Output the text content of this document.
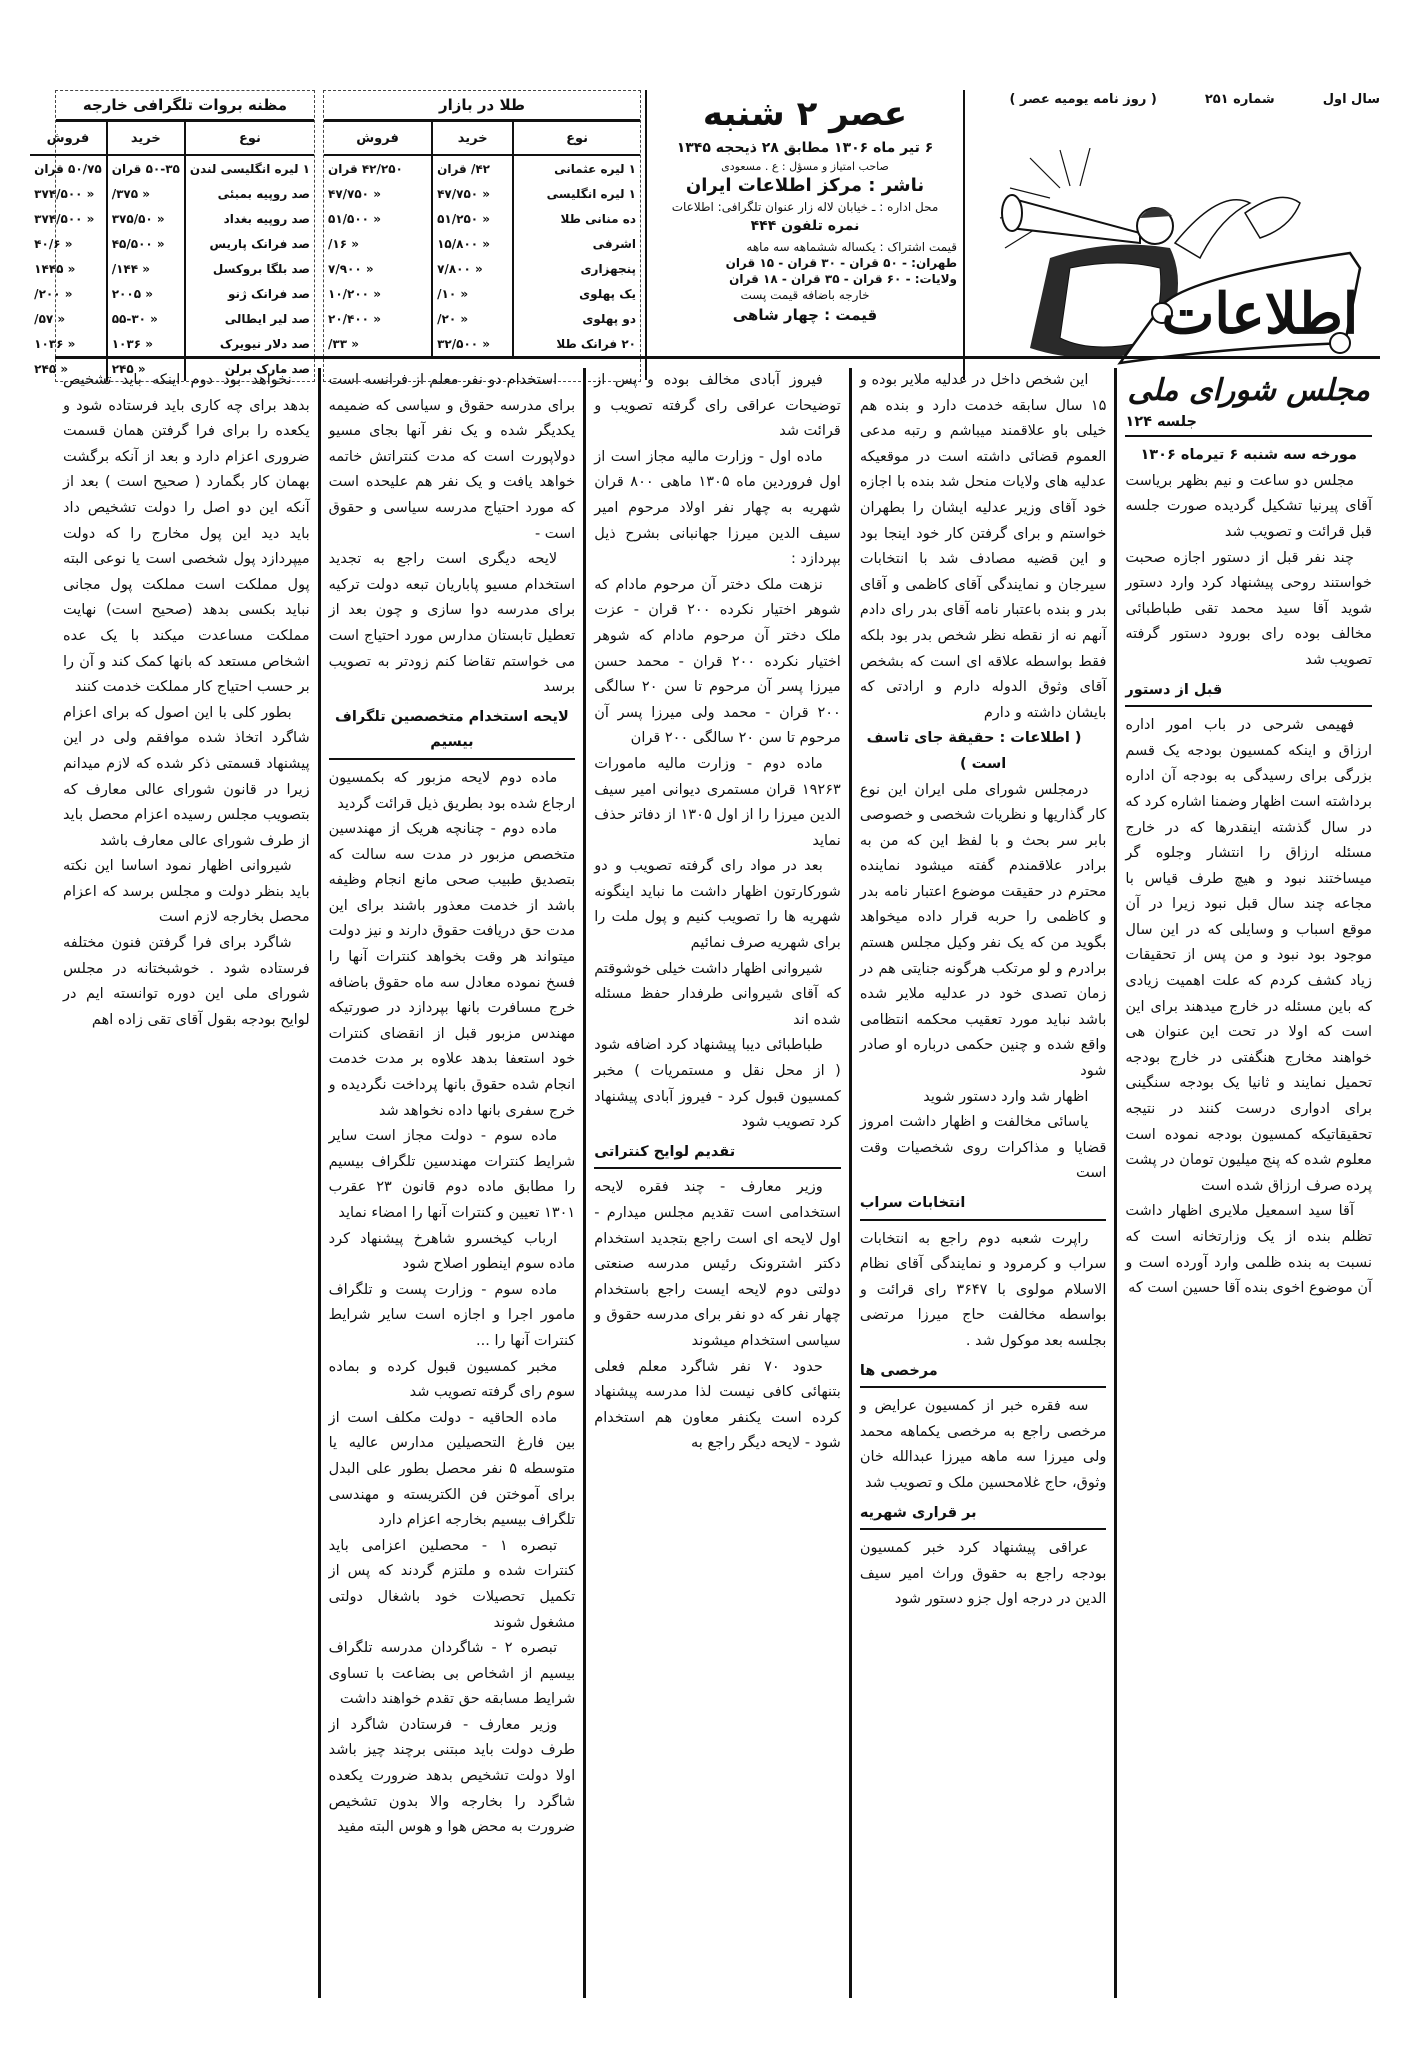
سال اول
شماره ۲۵۱
( روز نامه یومیه عصر )
مظنه بروات تلگرافی خارجه
نوع	خرید	فروش
۱ لیره انگلیسی لندن	۵۰-۳۵ قران	۵۰/۷۵ قران
صد روپیه بمبئی	« ۳۷۵/	« ۳۷۴/۵۰۰
صد روپیه بغداد	« ۳۷۵/۵۰	« ۳۷۴/۵۰۰
صد فرانک پاریس	« ۴۵/۵۰۰	« ۴۰/۶
صد بلگا بروکسل	« ۱۴۴/	« ۱۴۴۵
صد فرانک ژنو	« ۲۰۰۵	« ۲۰۰/
صد لیر ایطالی	« ۵۵-۳۰	« ۵۷/
صد دلار نیویرک	« ۱۰۳۶	« ۱۰۳۶
صد مارک برلن	« ۲۴۵	« ۲۴۵
طلا در بازار
نوع	خرید	فروش
۱ لیره عثمانی	۴۲/ قران	۴۲/۲۵۰ قران
۱ لیره انگلیسی	« ۴۷/۷۵۰	« ۴۷/۷۵۰
ده منانی طلا	« ۵۱/۲۵۰	« ۵۱/۵۰۰
اشرفی	« ۱۵/۸۰۰	« ۱۶/
پنجهزاری	« ۷/۸۰۰	« ۷/۹۰۰
یک پهلوی	« ۱۰/	« ۱۰/۲۰۰
دو پهلوی	« ۲۰/	« ۲۰/۴۰۰
۲۰ فرانک طلا	« ۳۲/۵۰۰	« ۳۳/
عصر ۲ شنبه
۶ تیر ماه ۱۳۰۶ مطابق ۲۸ ذیحجه ۱۳۴۵
صاحب امتیاز و مسؤل : ع . مسعودی
ناشر : مرکز اطلاعات ایران
محل اداره : ـ خیابان لاله زار عنوان تلگرافی: اطلاعات
نمره تلفون ۴۴۴
قیمت اشتراک : یکساله ششماهه سه ماهه
طهران: - ۵۰ قران - ۳۰ قران - ۱۵ قران
ولایات: - ۶۰ قران - ۳۵ قران - ۱۸ قران
خارجه باضافه قیمت پست
قیمت : چهار شاهی	اطلاعات
مجلس شورای ملی
جلسه ۱۲۴
مورخه سه شنبه ۶ تیرماه ۱۳۰۶

مجلس دو ساعت و نیم بظهر بریاست آقای پیرنیا تشکیل گردیده صورت جلسه قبل قرائت و تصویب شد

چند نفر قبل از دستور اجازه صحبت خواستند روحی پیشنهاد کرد وارد دستور شوید آقا سید محمد تقی طباطبائی مخالف بوده رای بورود دستور گرفته تصویب شد

قبل از دستور

فهیمی شرحی در باب امور اداره ارزاق و اینکه کمسیون بودجه یک قسم بزرگی برای رسیدگی به بودجه آن اداره برداشته است اظهار وضمنا اشاره کرد که در سال گذشته اینقدرها که در خارج مسئله ارزاق را انتشار وجلوه گر میساختند نبود و هیچ طرف قیاس با مجاعه چند سال قبل نبود زیرا در آن موقع اسباب و وسایلی که در این سال موجود بود نبود و من پس از تحقیقات زیاد کشف کردم که علت اهمیت زیادی که باین مسئله در خارج میدهند برای این است که اولا در تحت این عنوان هی خواهند مخارج هنگفتی در خارج بودجه تحمیل نمایند و ثانیا یک بودجه سنگینی برای ادواری درست کنند در نتیجه تحقیقاتیکه کمسیون بودجه نموده است معلوم شده که پنج میلیون تومان در پشت پرده صرف ارزاق شده است

آقا سید اسمعیل ملایری اظهار داشت تظلم بنده از یک وزارتخانه است که نسبت به بنده ظلمی وارد آورده است و آن موضوع اخوی بنده آقا حسین است که

این شخص داخل در عدلیه ملایر بوده و ۱۵ سال سابقه خدمت دارد و بنده هم خیلی باو علاقمند میباشم و رتبه مدعی العموم قضائی داشته است در موقعیکه عدلیه های ولایات منحل شد بنده با اجازه خود آقای وزیر عدلیه ایشان را بطهران خواستم و برای گرفتن کار خود اینجا بود و این قضیه مصادف شد با انتخابات سیرجان و نمایندگی آقای کاظمی و آقای بدر و بنده باعتبار نامه آقای بدر رای دادم آنهم نه از نقطه نظر شخص بدر بود بلکه فقط بواسطه علاقه ای است که بشخص آقای وثوق الدوله دارم و ارادتی که بایشان داشته و دارم

( اطلاعات : حقیقة جای تاسف است )

درمجلس شورای ملی ایران این نوع کار گذاریها و نظریات شخصی و خصوصی بابر سر بحث و با لفظ این که من به برادر علاقمندم گفته میشود نماینده محترم در حقیقت موضوع اعتبار نامه بدر و کاظمی را حربه قرار داده میخواهد بگوید من که یک نفر وکیل مجلس هستم برادرم و لو مرتکب هرگونه جنایتی هم در زمان تصدی خود در عدلیه ملایر شده باشد نباید مورد تعقیب محکمه انتظامی واقع شده و چنین حکمی درباره او صادر شود

اظهار شد وارد دستور شوید

یاسائی مخالفت و اظهار داشت امروز قضایا و مذاکرات روی شخصیات وقت است

انتخابات سراب

راپرت شعبه دوم راجع به انتخابات سراب و کرمرود و نمایندگی آقای نظام الاسلام مولوی با ۳۶۴۷ رای قرائت و بواسطه مخالفت حاج میرزا مرتضی بجلسه بعد موکول شد .

مرخصی ها

سه فقره خبر از کمسیون عرایض و مرخصی راجع به مرخصی یکماهه محمد ولی میرزا سه ماهه میرزا عبدالله خان وثوق، حاج غلامحسین ملک و تصویب شد

بر قراری شهریه

عراقی پیشنهاد کرد خبر کمسیون بودجه راجع به حقوق وراث امیر سیف الدین در درجه اول جزو دستور شود

فیروز آبادی مخالف بوده و پس از توضیحات عراقی رای گرفته تصویب و قرائت شد

ماده اول - وزارت مالیه مجاز است از اول فروردین ماه ۱۳۰۵ ماهی ۸۰۰ قران شهریه به چهار نفر اولاد مرحوم امیر سیف الدین میرزا جهانبانی بشرح ذیل بپردازد :

نزهت ملک دختر آن مرحوم مادام که شوهر اختیار نکرده ۲۰۰ قران - عزت ملک دختر آن مرحوم مادام که شوهر اختیار نکرده ۲۰۰ قران - محمد حسن میرزا پسر آن مرحوم تا سن ۲۰ سالگی ۲۰۰ قران - محمد ولی میرزا پسر آن مرحوم تا سن ۲۰ سالگی ۲۰۰ قران

ماده دوم - وزارت مالیه مامورات ۱۹۲۶۳ قران مستمری دیوانی امیر سیف الدین میرزا را از اول ۱۳۰۵ از دفاتر حذف نماید

بعد در مواد رای گرفته تصویب و دو شورکارتون اظهار داشت ما نباید اینگونه شهریه ها را تصویب کنیم و پول ملت را برای شهریه صرف نمائیم

شیروانی اظهار داشت خیلی خوشوقتم که آقای شیروانی طرفدار حفظ مسئله شده اند

طباطبائی دیبا پیشنهاد کرد اضافه شود ( از محل نقل و مستمریات ) مخبر کمسیون قبول کرد - فیروز آبادی پیشنهاد کرد تصویب شود

تقدیم لوایح کنتراتی

وزیر معارف - چند فقره لایحه استخدامی است تقدیم مجلس میدارم - اول لایحه ای است راجع بتجدید استخدام دکتر اشترونک رئیس مدرسه صنعتی دولتی دوم لایحه ایست راجع باستخدام چهار نفر که دو نفر برای مدرسه حقوق و سیاسی استخدام میشوند

حدود ۷۰ نفر شاگرد معلم فعلی بتنهائی کافی نیست لذا مدرسه پیشنهاد کرده است یکنفر معاون هم استخدام شود - لایحه دیگر راجع به

استخدام دو نفر معلم از فرانسه است برای مدرسه حقوق و سیاسی که ضمیمه یکدیگر شده و یک نفر آنها بجای مسیو دولاپورت است که مدت کنتراتش خاتمه خواهد یافت و یک نفر هم علیحده است که مورد احتیاج مدرسه سیاسی و حقوق است -

لایحه دیگری است راجع به تجدید استخدام مسیو پاباریان تبعه دولت ترکیه برای مدرسه دوا سازی و چون بعد از تعطیل تابستان مدارس مورد احتیاج است می خواستم تقاضا کنم زودتر به تصویب برسد

لایحه استخدام متخصصین تلگراف بیسیم

ماده دوم لایحه مزبور که بکمسیون ارجاع شده بود بطریق ذیل قرائت گردید

ماده دوم - چنانچه هریک از مهندسین متخصص مزبور در مدت سه سالت که بتصدیق طبیب صحی مانع انجام وظیفه باشد از خدمت معذور باشند برای این مدت حق دریافت حقوق دارند و نیز دولت میتواند هر وقت بخواهد کنترات آنها را فسخ نموده معادل سه ماه حقوق باضافه خرج مسافرت بانها بپردازد در صورتیکه مهندس مزبور قبل از انقضای کنترات خود استعفا بدهد علاوه بر مدت خدمت انجام شده حقوق بانها پرداخت نگردیده و خرج سفری بانها داده نخواهد شد

ماده سوم - دولت مجاز است سایر شرایط کنترات مهندسین تلگراف بیسیم را مطابق ماده دوم قانون ۲۳ عقرب ۱۳۰۱ تعیین و کنترات آنها را امضاء نماید

ارباب کیخسرو شاهرخ پیشنهاد کرد ماده سوم اینطور اصلاح شود

ماده سوم - وزارت پست و تلگراف مامور اجرا و اجازه است سایر شرایط کنترات آنها را ...

مخبر کمسیون قبول کرده و بماده سوم رای گرفته تصویب شد

ماده الحاقیه - دولت مکلف است از بین فارغ التحصیلین مدارس عالیه یا متوسطه ۵ نفر محصل بطور علی البدل برای آموختن فن الکتریسته و مهندسی تلگراف بیسیم بخارجه اعزام دارد

تبصره ۱ - محصلین اعزامی باید کنترات شده و ملتزم گردند که پس از تکمیل تحصیلات خود باشغال دولتی مشغول شوند

تبصره ۲ - شاگردان مدرسه تلگراف بیسیم از اشخاص بی بضاعت با تساوی شرایط مسابقه حق تقدم خواهند داشت

وزیر معارف - فرستادن شاگرد از طرف دولت باید مبتنی برچند چیز باشد اولا دولت تشخیص بدهد ضرورت یکعده شاگرد را بخارجه والا بدون تشخیص ضرورت به محض هوا و هوس البته مفید

نخواهد بود دوم اینکه باید تشخیص بدهد برای چه کاری باید فرستاده شود و یکعده را برای فرا گرفتن همان قسمت ضروری اعزام دارد و بعد از آنکه برگشت بهمان کار بگمارد ( صحیح است ) بعد از آنکه این دو اصل را دولت تشخیص داد باید دید این پول مخارج را که دولت میپردازد پول شخصی است یا نوعی البته پول مملکت است مملکت پول مجانی نباید بکسی بدهد (صحیح است) نهایت مملکت مساعدت میکند با یک عده اشخاص مستعد که بانها کمک کند و آن را بر حسب احتیاج کار مملکت خدمت کنند

بطور کلی با این اصول که برای اعزام شاگرد اتخاذ شده موافقم ولی در این پیشنهاد قسمتی ذکر شده که لازم میدانم زیرا در قانون شورای عالی معارف که بتصویب مجلس رسیده اعزام محصل باید از طرف شورای عالی معارف باشد

شیروانی اظهار نمود اساسا این نکته باید بنظر دولت و مجلس برسد که اعزام محصل بخارجه لازم است

شاگرد برای فرا گرفتن فنون مختلفه فرستاده شود . خوشبختانه در مجلس شورای ملی این دوره توانسته ایم در لوایح بودجه بقول آقای تقی زاده اهم
